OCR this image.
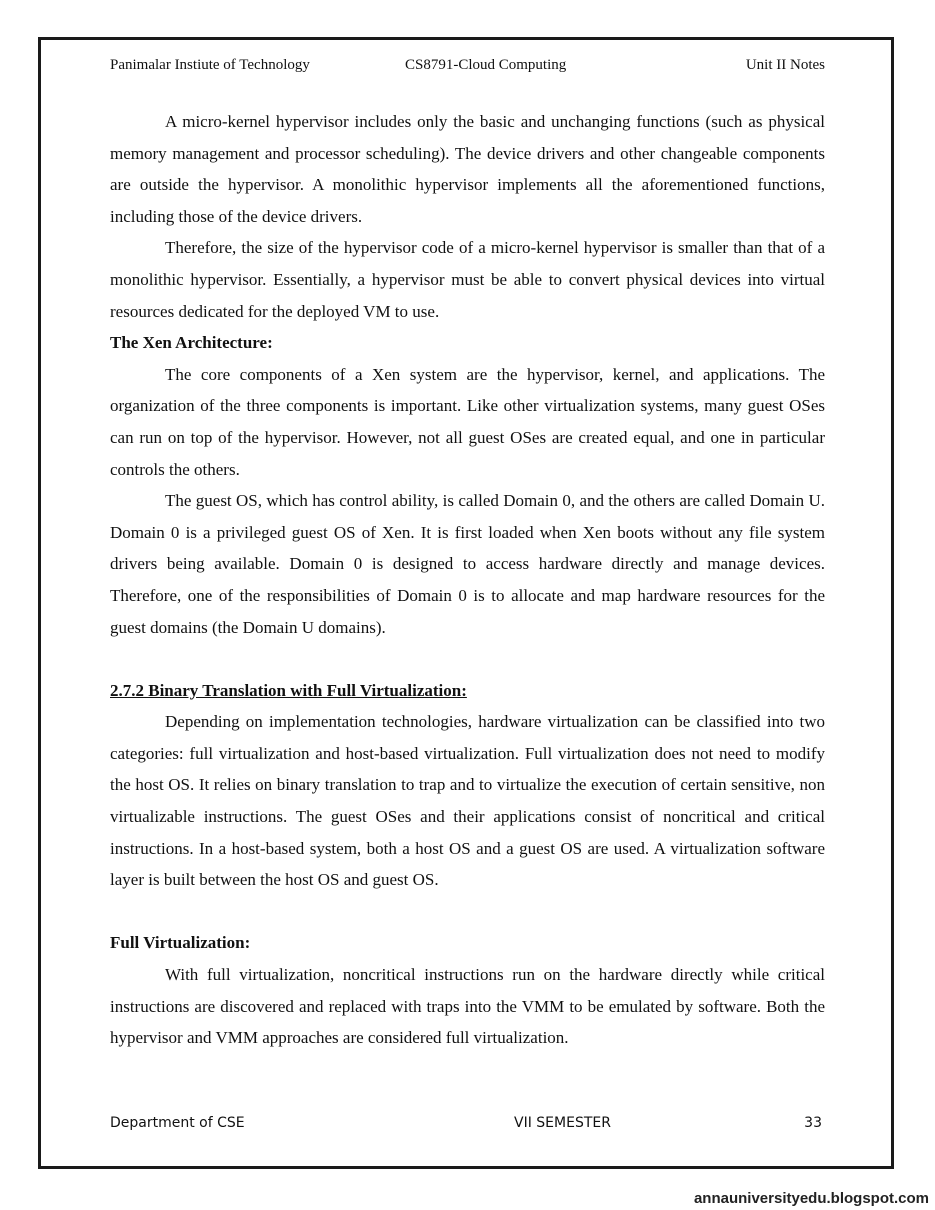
Panimalar Instiute of Technology	CS8791-Cloud Computing	Unit II Notes

A micro-kernel hypervisor includes only the basic and unchanging functions (such as physical memory management and processor scheduling). The device drivers and other changeable components are outside the hypervisor. A monolithic hypervisor implements all the aforementioned functions, including those of the device drivers.

Therefore, the size of the hypervisor code of a micro-kernel hypervisor is smaller than that of a monolithic hypervisor. Essentially, a hypervisor must be able to convert physical devices into virtual resources dedicated for the deployed VM to use.

The Xen Architecture:

The core components of a Xen system are the hypervisor, kernel, and applications. The organization of the three components is important. Like other virtualization systems, many guest OSes can run on top of the hypervisor. However, not all guest OSes are created equal, and one in particular controls the others.

The guest OS, which has control ability, is called Domain 0, and the others are called Domain U. Domain 0 is a privileged guest OS of Xen. It is first loaded when Xen boots without any file system drivers being available. Domain 0 is designed to access hardware directly and manage devices. Therefore, one of the responsibilities of Domain 0 is to allocate and map hardware resources for the guest domains (the Domain U domains).

2.7.2 Binary Translation with Full Virtualization:

Depending on implementation technologies, hardware virtualization can be classified into two categories: full virtualization and host-based virtualization. Full virtualization does not need to modify the host OS. It relies on binary translation to trap and to virtualize the execution of certain sensitive, non virtualizable instructions. The guest OSes and their applications consist of noncritical and critical instructions. In a host-based system, both a host OS and a guest OS are used. A virtualization software layer is built between the host OS and guest OS.

Full Virtualization:

With full virtualization, noncritical instructions run on the hardware directly while critical instructions are discovered and replaced with traps into the VMM to be emulated by software. Both the hypervisor and VMM approaches are considered full virtualization.

Department of CSE	VII SEMESTER	33
annauniversityedu.blogspot.com
